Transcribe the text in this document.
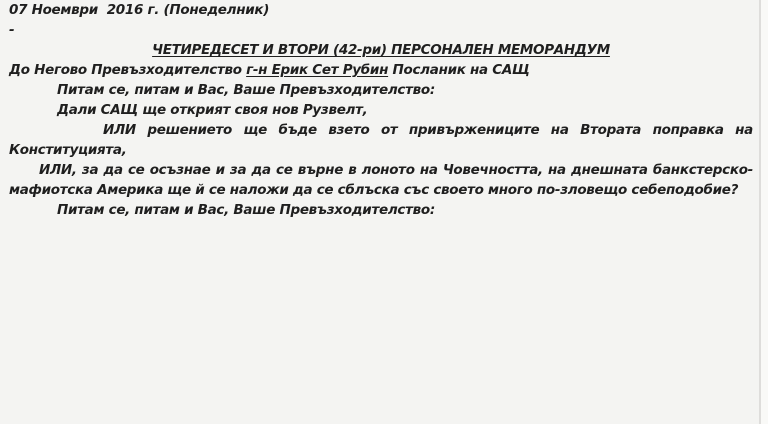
07 Ноември  2016 г. (Понеделник)

-

ЧЕТИРЕДЕСЕТ И ВТОРИ (42-ри) ПЕРСОНАЛЕН МЕМОРАНДУМ

До Негово Превъзходителство г-н Ерик Сет Рубин Посланик на САЩ

Питам се, питам и Вас, Ваше Превъзходителство:

Дали САЩ ще открият своя нов Рузвелт,

ИЛИ решението ще бъде взето от привържениците на Втората поправка на

Конституцията,

ИЛИ, за да се осъзнае и за да се върне в лоното на Човечността, на днешната банкстерско-

мафиотска Америка ще й се наложи да се сблъска със своето много по-зловещо себеподобие?

Питам се, питам и Вас, Ваше Превъзходителство:
